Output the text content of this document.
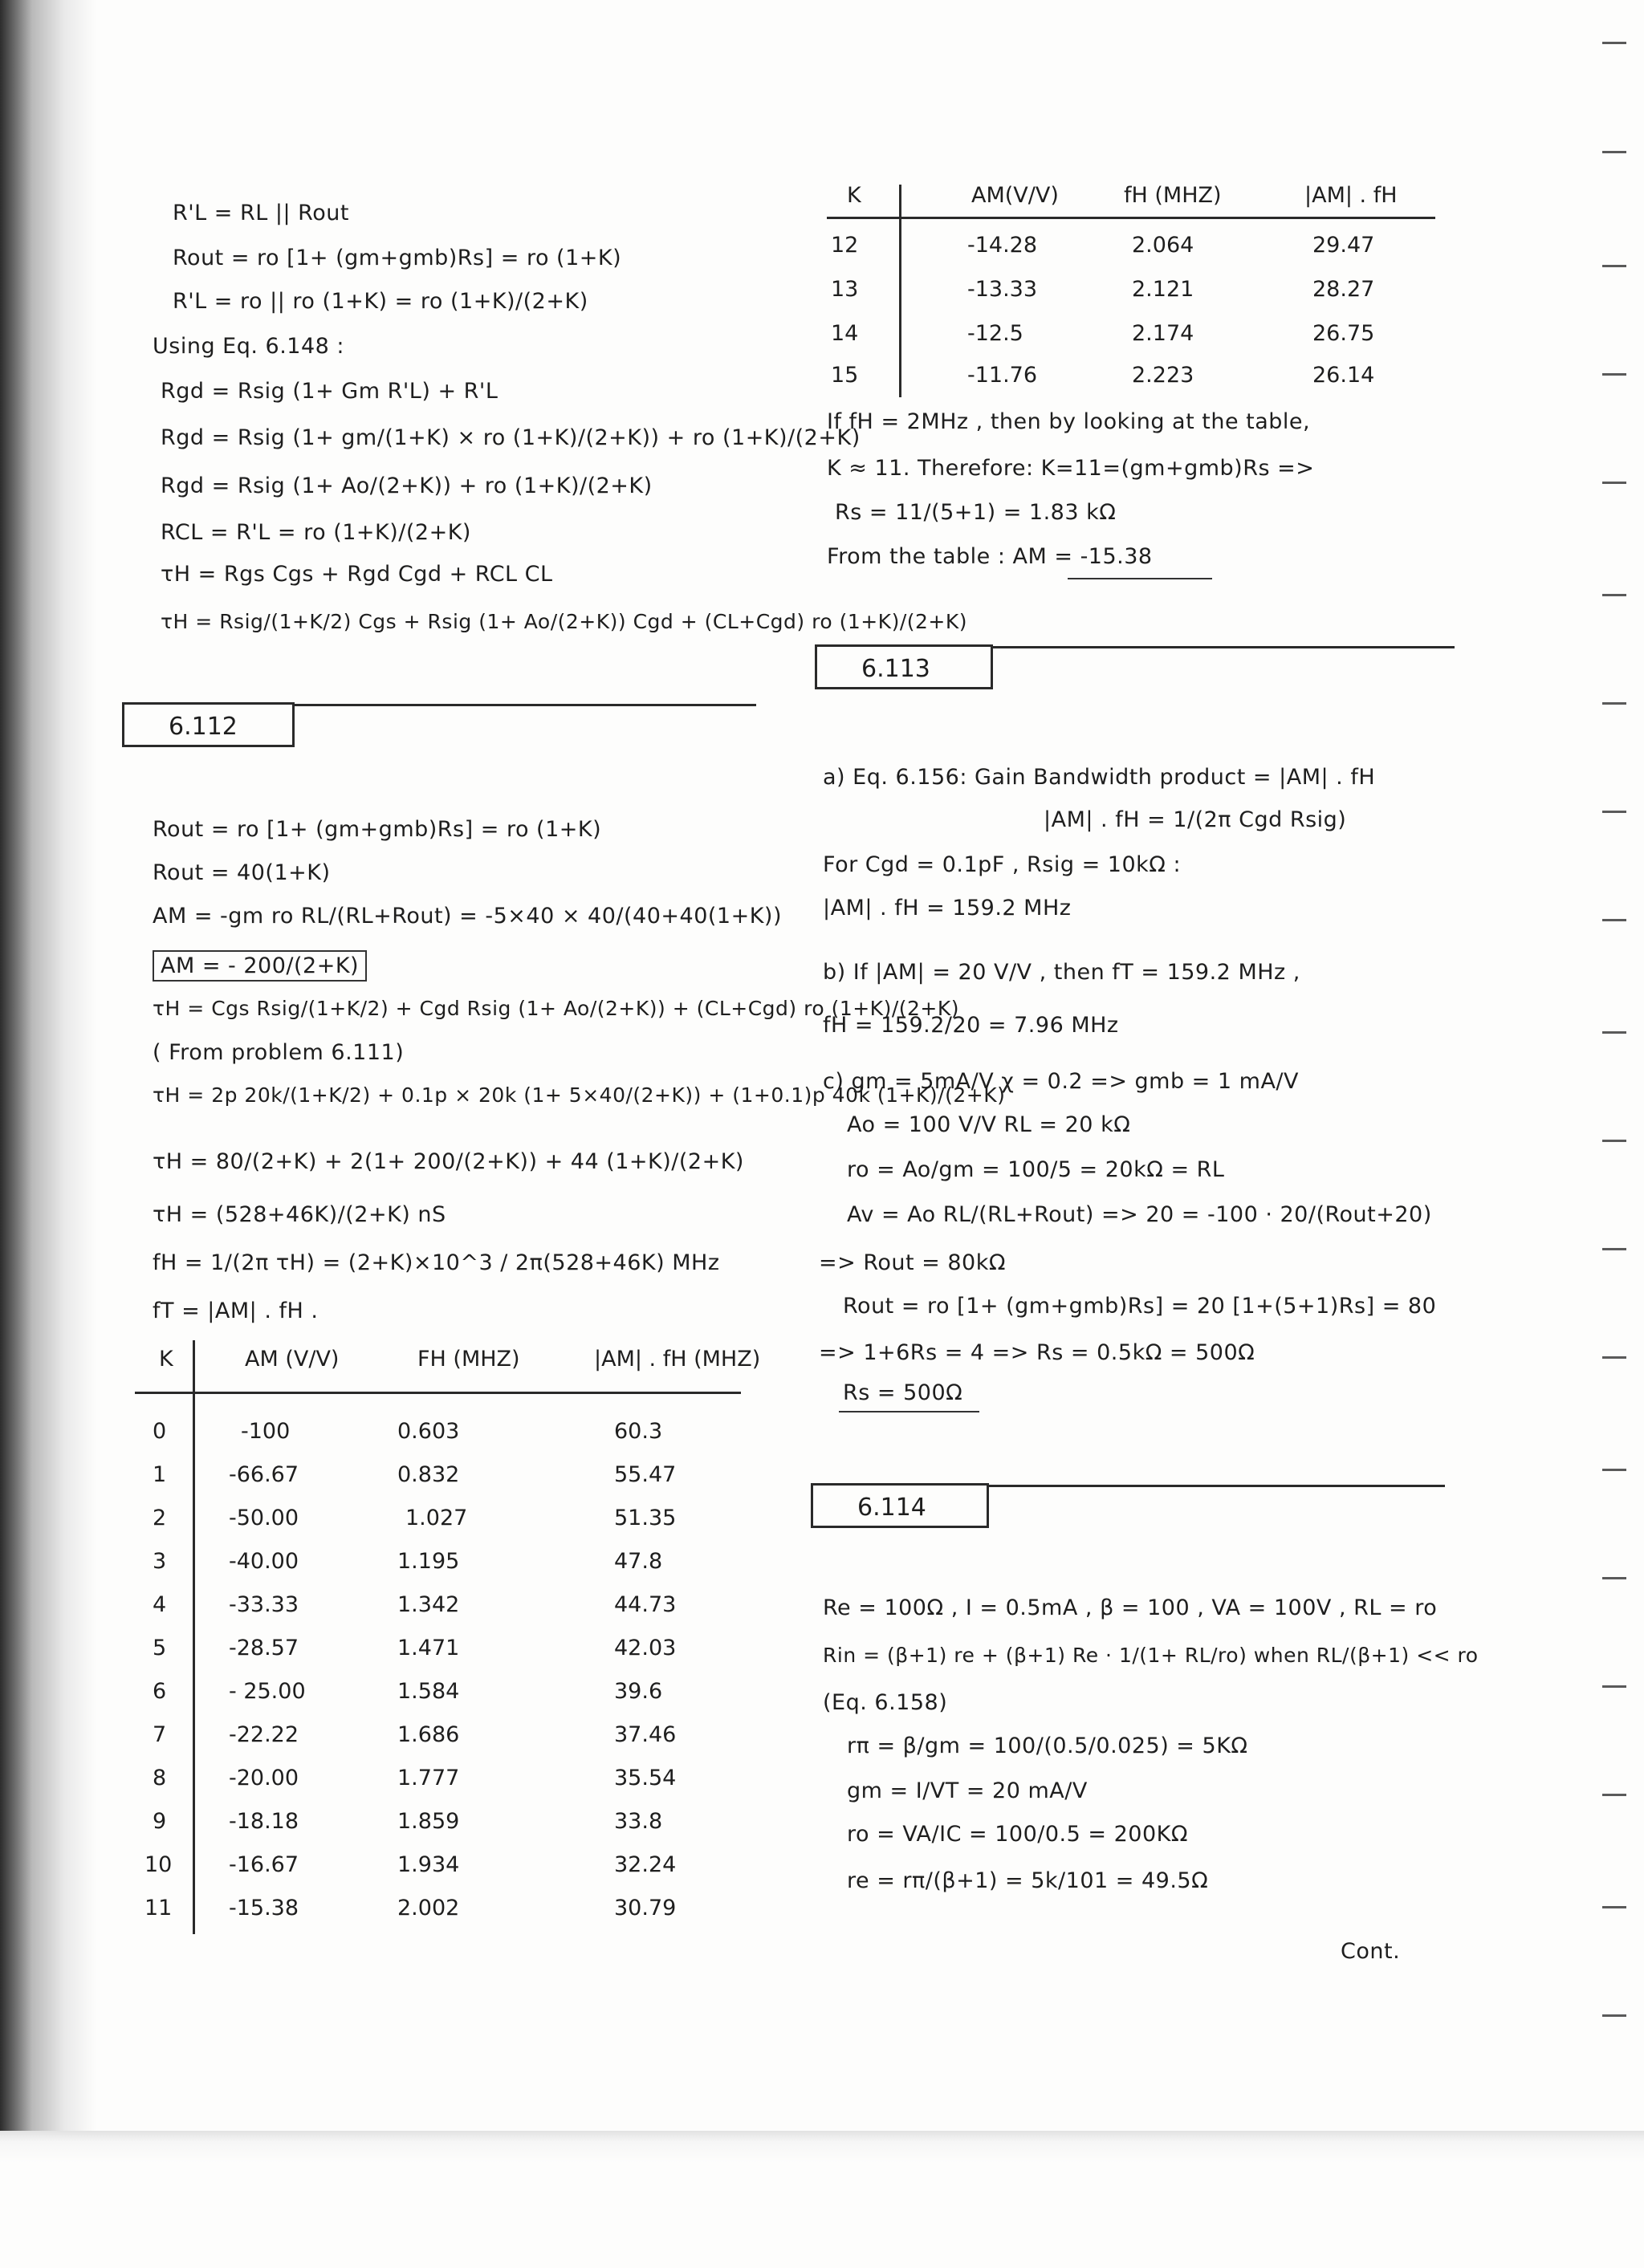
R'L = RL || Rout
Rout = ro [1+ (gm+gmb)Rs] = ro (1+K)
R'L = ro || ro (1+K) = ro (1+K)/(2+K)
Using Eq. 6.148 :
Rgd = Rsig (1+ Gm R'L) + R'L
Rgd = Rsig (1+ gm/(1+K) × ro (1+K)/(2+K)) + ro (1+K)/(2+K)
Rgd = Rsig (1+ Ao/(2+K)) + ro (1+K)/(2+K)
RCL = R'L = ro (1+K)/(2+K)
τH = Rgs Cgs + Rgd Cgd + RCL CL
τH = Rsig/(1+K/2) Cgs + Rsig (1+ Ao/(2+K)) Cgd + (CL+Cgd) ro (1+K)/(2+K)
6.112
Rout = ro [1+ (gm+gmb)Rs] = ro (1+K)
Rout = 40(1+K)
AM = -gm ro RL/(RL+Rout) = -5×40 × 40/(40+40(1+K))
AM = - 200/(2+K)
τH = Cgs Rsig/(1+K/2) + Cgd Rsig (1+ Ao/(2+K)) + (CL+Cgd) ro (1+K)/(2+K)
( From problem 6.111)
τH = 2p 20k/(1+K/2) + 0.1p × 20k (1+ 5×40/(2+K)) + (1+0.1)p 40k (1+K)/(2+K)
τH = 80/(2+K) + 2(1+ 200/(2+K)) + 44 (1+K)/(2+K)
τH = (528+46K)/(2+K) nS
fH = 1/(2π τH) = (2+K)×10^3 / 2π(528+46K) MHz
fT = |AM| . fH .
K	AM (V/V)	FH (MHZ)	|AM| . fH (MHZ)
0	-100	0.603	60.3
1	-66.67	0.832	55.47
2	-50.00	1.027	51.35
3	-40.00	1.195	47.8
4	-33.33	1.342	44.73
5	-28.57	1.471	42.03
6	- 25.00	1.584	39.6
7	-22.22	1.686	37.46
8	-20.00	1.777	35.54
9	-18.18	1.859	33.8
10	-16.67	1.934	32.24
11	-15.38	2.002	30.79
K	AM(V/V)	fH (MHZ)	|AM| . fH
12	-14.28	2.064	29.47
13	-13.33	2.121	28.27
14	-12.5	2.174	26.75
15	-11.76	2.223	26.14
If fH = 2MHz , then by looking at the table,
K ≈ 11. Therefore: K=11=(gm+gmb)Rs =>
Rs = 11/(5+1) = 1.83 kΩ
From the table : AM = -15.38
6.113
a) Eq. 6.156: Gain Bandwidth product = |AM| . fH
|AM| . fH = 1/(2π Cgd Rsig)
For Cgd = 0.1pF , Rsig = 10kΩ :
|AM| . fH = 159.2 MHz
b) If |AM| = 20 V/V , then fT = 159.2 MHz ,
fH = 159.2/20 = 7.96 MHz
c) gm = 5mA/V χ = 0.2 => gmb = 1 mA/V
Ao = 100 V/V RL = 20 kΩ
ro = Ao/gm = 100/5 = 20kΩ = RL
Av = Ao RL/(RL+Rout) => 20 = -100 · 20/(Rout+20)
=> Rout = 80kΩ
Rout = ro [1+ (gm+gmb)Rs] = 20 [1+(5+1)Rs] = 80
=> 1+6Rs = 4 => Rs = 0.5kΩ = 500Ω
Rs = 500Ω
6.114
Re = 100Ω , I = 0.5mA , β = 100 , VA = 100V , RL = ro
Rin = (β+1) re + (β+1) Re · 1/(1+ RL/ro) when RL/(β+1) << ro
(Eq. 6.158)
rπ = β/gm = 100/(0.5/0.025) = 5KΩ
gm = I/VT = 20 mA/V
ro = VA/IC = 100/0.5 = 200KΩ
re = rπ/(β+1) = 5k/101 = 49.5Ω
Cont.
